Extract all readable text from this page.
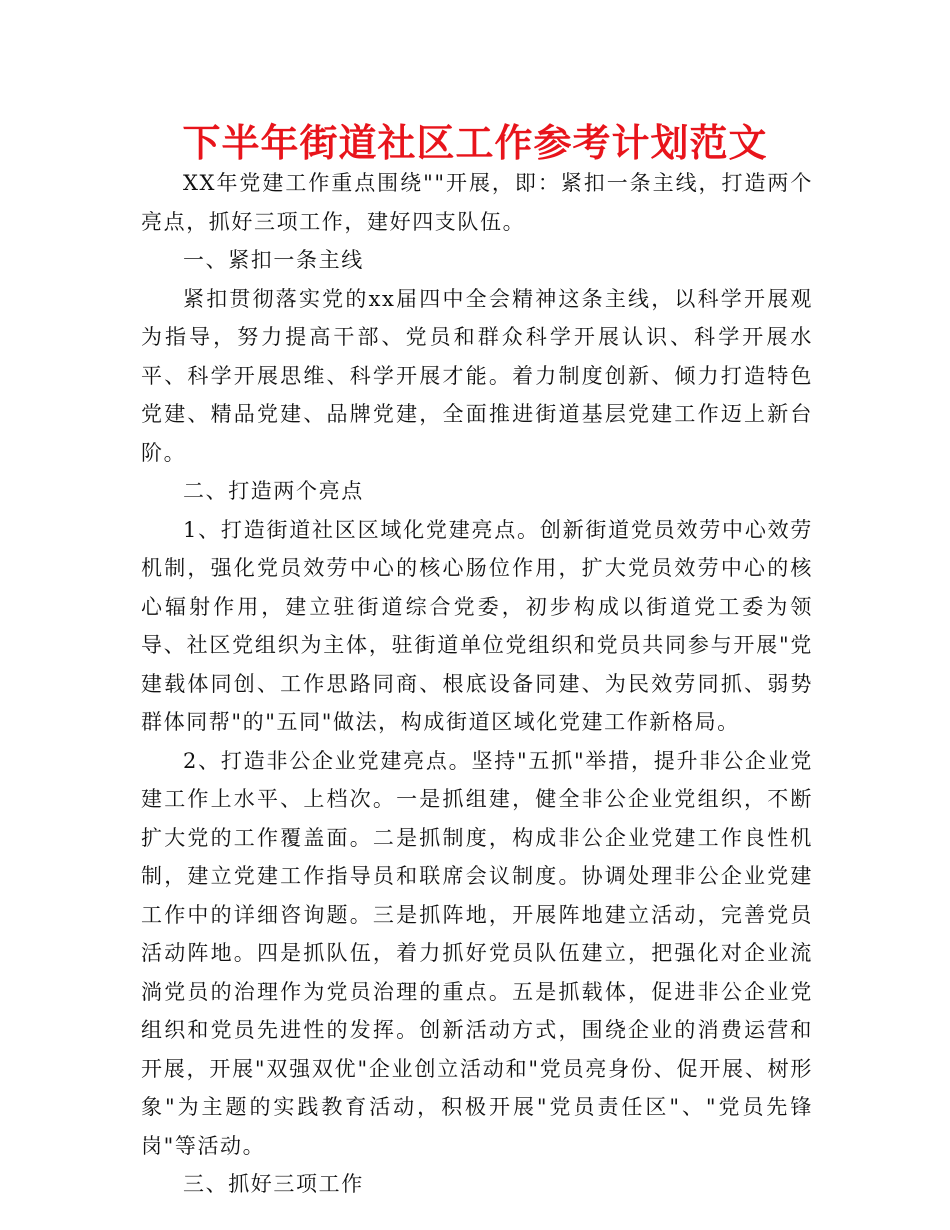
下半年街道社区工作参考计划范文

XX年党建工作重点围绕""开展，即：紧扣一条主线，打造两个亮点，抓好三项工作，建好四支队伍。

一、紧扣一条主线

紧扣贯彻落实党的xx届四中全会精神这条主线，以科学开展观为指导，努力提高干部、党员和群众科学开展认识、科学开展水平、科学开展思维、科学开展才能。着力制度创新、倾力打造特色党建、精品党建、品牌党建，全面推进街道基层党建工作迈上新台阶。

二、打造两个亮点

1、打造街道社区区域化党建亮点。创新街道党员效劳中心效劳机制，强化党员效劳中心的核心肠位作用，扩大党员效劳中心的核心辐射作用，建立驻街道综合党委，初步构成以街道党工委为领导、社区党组织为主体，驻街道单位党组织和党员共同参与开展"党建载体同创、工作思路同商、根底设备同建、为民效劳同抓、弱势群体同帮"的"五同"做法，构成街道区域化党建工作新格局。

2、打造非公企业党建亮点。坚持"五抓"举措，提升非公企业党建工作上水平、上档次。一是抓组建，健全非公企业党组织，不断扩大党的工作覆盖面。二是抓制度，构成非公企业党建工作良性机制，建立党建工作指导员和联席会议制度。协调处理非公企业党建工作中的详细咨询题。三是抓阵地，开展阵地建立活动，完善党员活动阵地。四是抓队伍，着力抓好党员队伍建立，把强化对企业流淌党员的治理作为党员治理的重点。五是抓载体，促进非公企业党组织和党员先进性的发挥。创新活动方式，围绕企业的消费运营和开展，开展"双强双优"企业创立活动和"党员亮身份、促开展、树形象"为主题的实践教育活动，积极开展"党员责任区"、"党员先锋岗"等活动。

三、抓好三项工作
